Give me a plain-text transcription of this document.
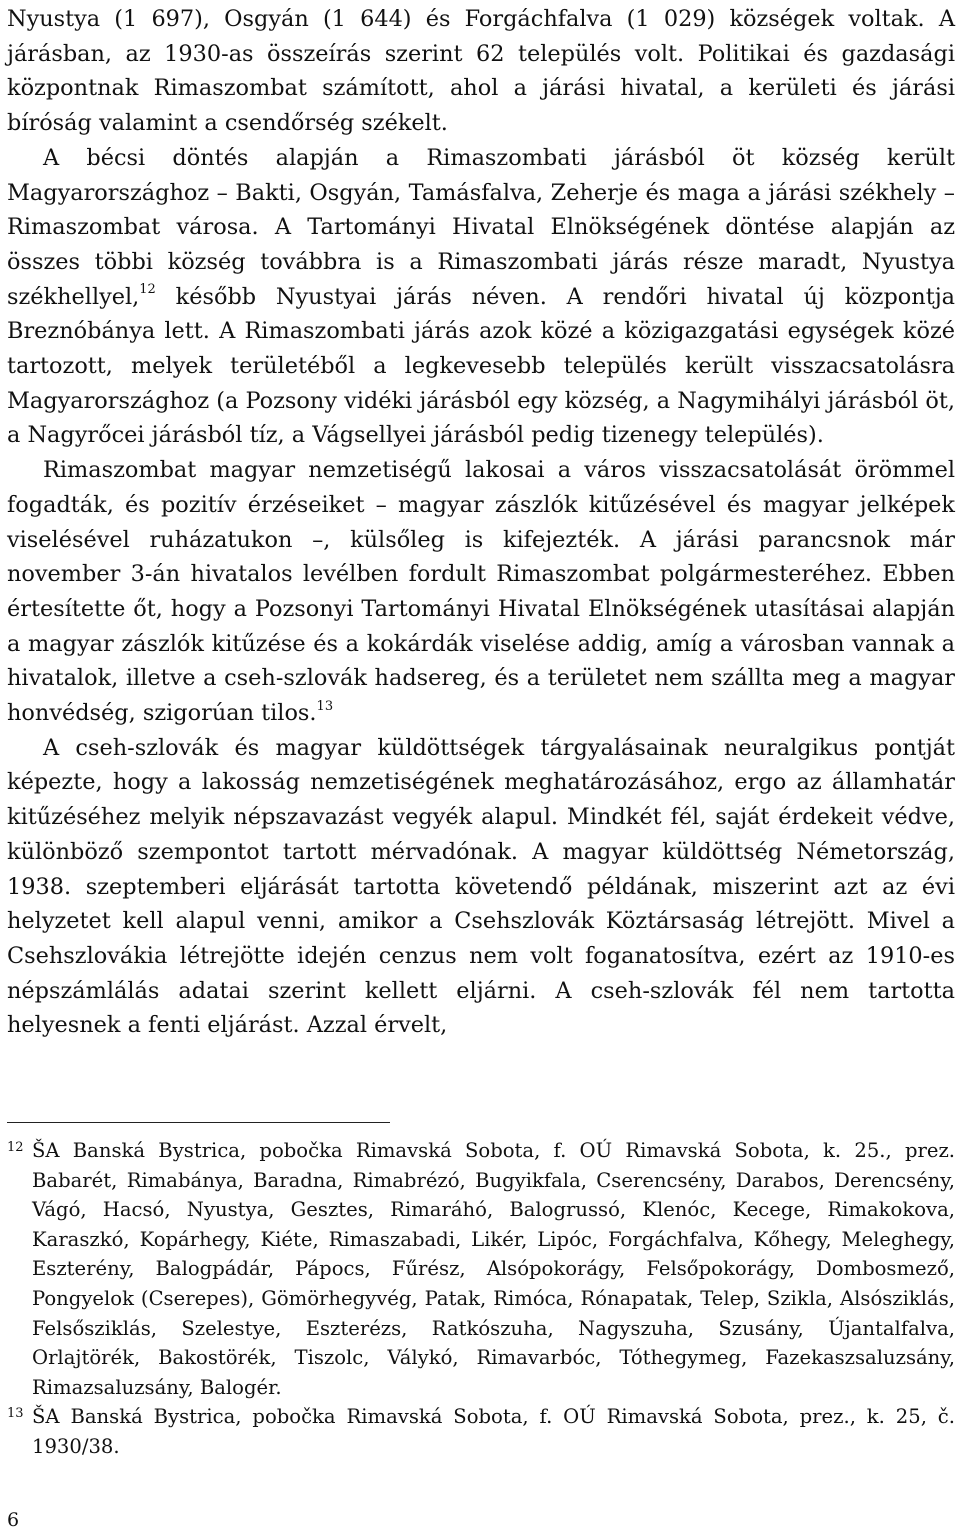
Nyustya (1 697), Osgyán (1 644) és Forgáchfalva (1 029) községek voltak. A járásban, az 1930-as összeírás szerint 62 település volt. Politikai és gazdasági központnak Rimaszombat számított, ahol a járási hivatal, a kerületi és járási bíróság valamint a csendőrség székelt.

A bécsi döntés alapján a Rimaszombati járásból öt község került Magyarországhoz – Bakti, Osgyán, Tamásfalva, Zeherje és maga a járási székhely – Rimaszombat városa. A Tartományi Hivatal Elnökségének döntése alapján az összes többi község továbbra is a Rimaszombati járás része maradt, Nyustya székhellyel,$^{12}$ később Nyustyai járás néven. A rendőri hivatal új központja Breznóbánya lett. A Rimaszombati járás azok közé a közigazgatási egységek közé tartozott, melyek területéből a legkevesebb település került visszacsatolásra Magyarországhoz (a Pozsony vidéki járásból egy község, a Nagymihályi járásból öt, a Nagyrőcei járásból tíz, a Vágsellyei járásból pedig tizenegy település).

Rimaszombat magyar nemzetiségű lakosai a város visszacsatolását örömmel fogadták, és pozitív érzéseiket – magyar zászlók kitűzésével és magyar jelképek viselésével ruházatukon –, külsőleg is kifejezték. A járási parancsnok már november 3-án hivatalos levélben fordult Rimaszombat polgármesteréhez. Ebben értesítette őt, hogy a Pozsonyi Tartományi Hivatal Elnökségének utasításai alapján a magyar zászlók kitűzése és a kokárdák viselése addig, amíg a városban vannak a hivatalok, illetve a cseh-szlovák hadsereg, és a területet nem szállta meg a magyar honvédség, szigorúan tilos.$^{13}$

A cseh-szlovák és magyar küldöttségek tárgyalásainak neuralgikus pontját képezte, hogy a lakosság nemzetiségének meghatározásához, ergo az államhatár kitűzéséhez melyik népszavazást vegyék alapul. Mindkét fél, saját érdekeit védve, különböző szempontot tartott mérvadónak. A magyar küldöttség Németország, 1938. szeptemberi eljárását tartotta követendő példának, miszerint azt az évi helyzetet kell alapul venni, amikor a Csehszlovák Köztársaság létrejött. Mivel a Csehszlovákia létrejötte idején cenzus nem volt foganatosítva, ezért az 1910-es népszámlálás adatai szerint kellett eljárni. A cseh-szlovák fél nem tartotta helyesnek a fenti eljárást. Azzal érvelt,

12 ŠA Banská Bystrica, pobočka Rimavská Sobota, f. OÚ Rimavská Sobota, k. 25., prez. Babarét, Rimabánya, Baradna, Rimabrézó, Bugyikfala, Cserencsény, Darabos, Derencsény, Vágó, Hacsó, Nyustya, Gesztes, Rimaráhó, Balogrussó, Klenóc, Kecege, Rimakokova, Karaszkó, Kopárhegy, Kiéte, Rimaszabadi, Likér, Lipóc, Forgáchfalva, Kőhegy, Meleghegy, Eszterény, Balogpádár, Pápocs, Fűrész, Alsópokorágy, Felsőpokorágy, Dombosmező, Pongyelok (Cserepes), Gömörhegyvég, Patak, Rimóca, Rónapatak, Telep, Szikla, Alsósziklás, Felsősziklás, Szelestye, Eszterézs, Ratkószuha, Nagyszuha, Szusány, Újantalfalva, Orlajtörék, Bakostörék, Tiszolc, Válykó, Rimavarbóc, Tóthegymeg, Fazekaszsaluzsány, Rimazsaluzsány, Balogér.
13 ŠA Banská Bystrica, pobočka Rimavská Sobota, f. OÚ Rimavská Sobota, prez., k. 25, č. 1930/38.
6
